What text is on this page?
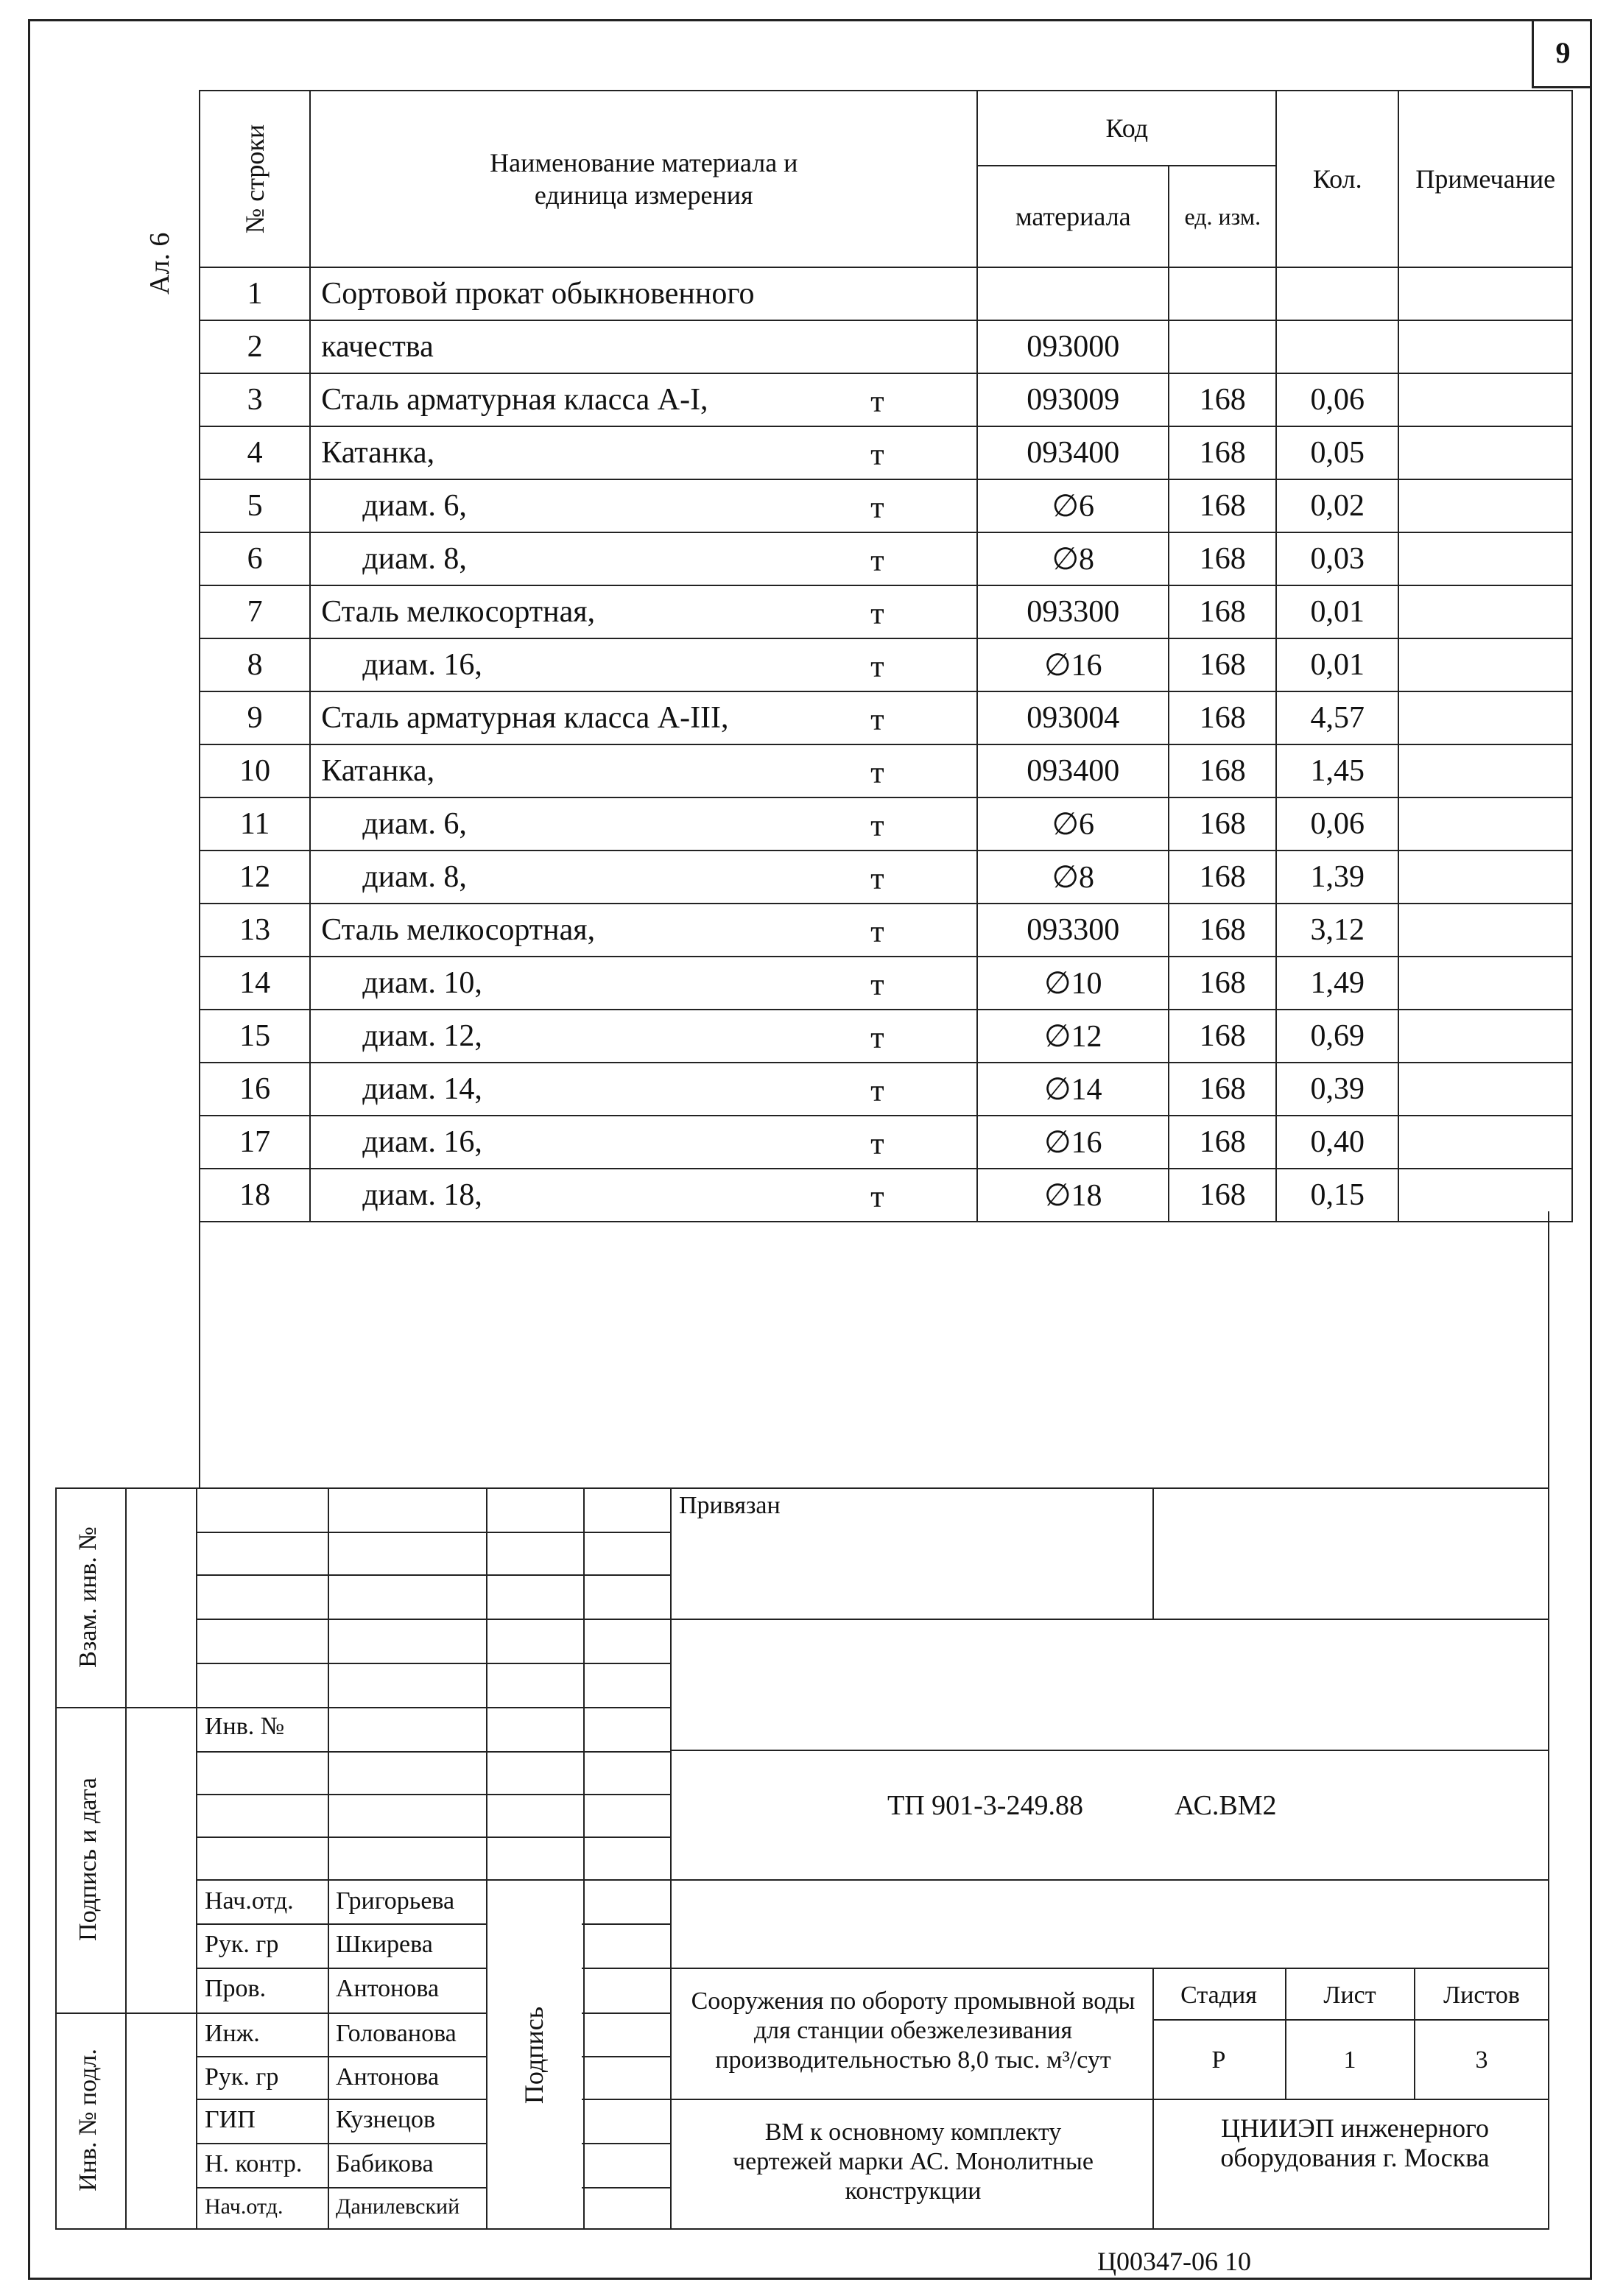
9
Ал. 6
№ строки	Наименование материала и единица измерения	Код		Кол.	Примечание
		материала	ед. изм.		
1	Сортовой прокат обыкновенного				

2	качества	093000			
3	Сталь арматурная класса А-I, т	093009	168	0,06	
4	Катанка, т	093400	168	0,05	
5	диам. 6, т	∅6	168	0,02	
6	диам. 8, т	∅8	168	0,03	
7	Сталь мелкосортная, т	093300	168	0,01	
8	диам. 16, т	∅16	168	0,01	
9	Сталь арматурная класса А-III, т	093004	168	4,57	
10	Катанка, т	093400	168	1,45	
11	диам. 6, т	∅6	168	0,06	
12	диам. 8, т	∅8	168	1,39	
13	Сталь мелкосортная, т	093300	168	3,12	
14	диам. 10, т	∅10	168	1,49	
15	диам. 12, т	∅12	168	0,69	
16	диам. 14, т	∅14	168	0,39	
17	диам. 16, т	∅16	168	0,40	
18	диам. 18, т	∅18	168	0,15	
Взам. инв. №
Подпись и дата
Инв. № подл.
Инв. №
Подпись
Нач.отд. Григорьева
Рук. гр Шкирева
Пров.	Антонова
Инж.	Голованова
Рук. гр Антонова
ГИП	Кузнецов
Н. контр. Бабикова
Нач.отд. Данилевский
Привязан
ТП 901-3-249.88	АС.ВМ2
Сооружения по обороту промывной воды для станции обезжелезивания производительностью 8,0 тыс. м³/сут
Стадия	Лист	Листов
Р	1	3
ВМ к основному комплекту чертежей марки АС. Монолитные конструкции
ЦНИИЭП инженерного оборудования г. Москва
Ц00347-06 10
